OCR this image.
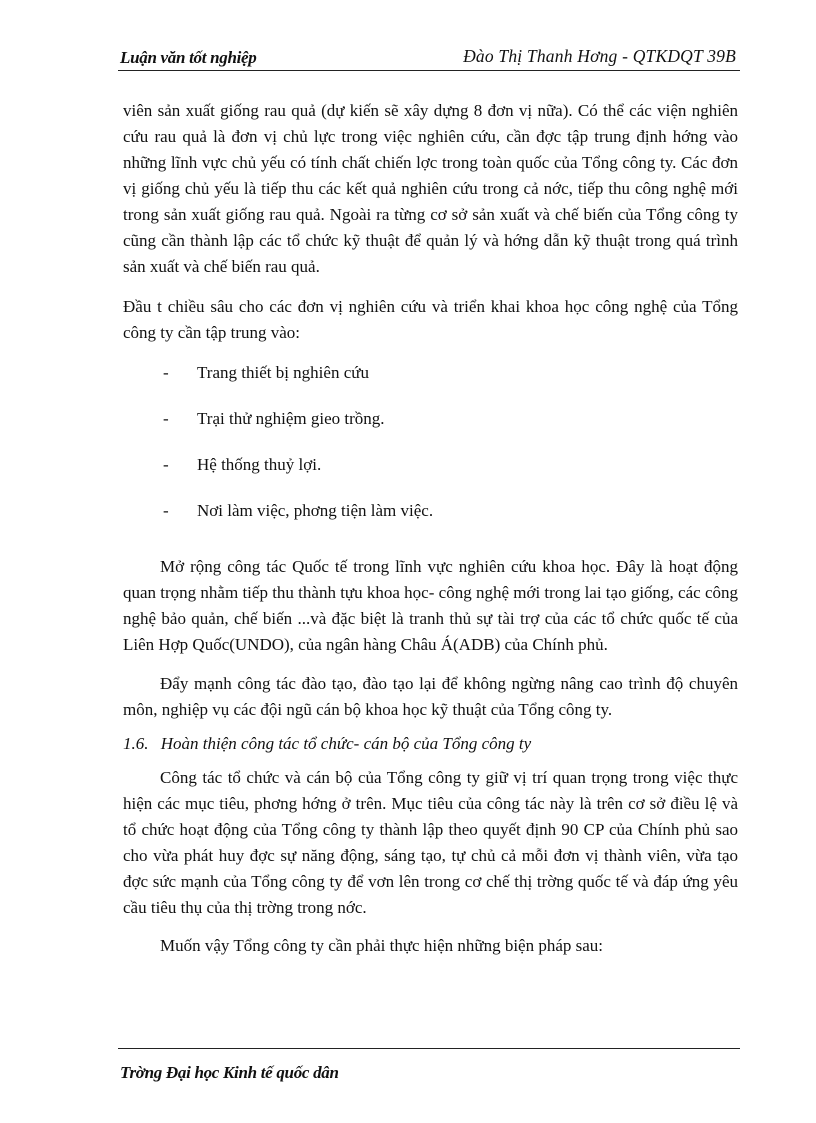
Luận văn tốt nghiệp	Đào Thị Thanh Hơng - QTKDQT 39B

viên sản xuất giống rau quả (dự kiến sẽ xây dựng 8 đơn vị nữa). Có thể các viện nghiên cứu rau quả là đơn vị chủ lực trong việc nghiên cứu, cần đợc tập trung định hớng vào những lĩnh vực chủ yếu có tính chất chiến lợc trong toàn quốc của Tổng công ty. Các đơn vị giống chủ yếu là tiếp thu các kết quả nghiên cứu trong cả nớc, tiếp thu công nghệ mới trong sản xuất giống rau quả. Ngoài ra từng cơ sở sản xuất và chế biến của Tổng công ty cũng cần thành lập các tổ chức kỹ thuật để quản lý và hớng dẫn kỹ thuật trong quá trình sản xuất và chế biến rau quả.

Đầu t chiều sâu cho các đơn vị nghiên cứu và triển khai khoa học công nghệ của Tổng công ty cần tập trung vào:

- Trang thiết bị nghiên cứu
- Trại thử nghiệm gieo trồng.
- Hệ thống thuỷ lợi.
- Nơi làm việc, phơng tiện làm việc.

Mở rộng công tác Quốc tế trong lĩnh vực nghiên cứu khoa học. Đây là hoạt động quan trọng nhằm tiếp thu thành tựu khoa học- công nghệ mới trong lai tạo giống, các công nghệ bảo quản, chế biến ...và đặc biệt là tranh thủ sự tài trợ của các tổ chức quốc tế của Liên Hợp Quốc(UNDO), của ngân hàng Châu Á(ADB) của Chính phủ.

Đẩy mạnh công tác đào tạo, đào tạo lại để không ngừng nâng cao trình độ chuyên môn, nghiệp vụ các đội ngũ cán bộ khoa học kỹ thuật của Tổng công ty.

1.6. Hoàn thiện công tác tổ chức- cán bộ của Tổng công ty

Công tác tổ chức và cán bộ của Tổng công ty giữ vị trí quan trọng trong việc thực hiện các mục tiêu, phơng hớng ở trên. Mục tiêu của công tác này là trên cơ sở điều lệ và tổ chức hoạt động của Tổng công ty thành lập theo quyết định 90 CP của Chính phủ sao cho vừa phát huy đợc sự năng động, sáng tạo, tự chủ cả mỗi đơn vị thành viên, vừa tạo đợc sức mạnh của Tổng công ty để vơn lên trong cơ chế thị trờng quốc tế và đáp ứng yêu cầu tiêu thụ của thị trờng trong nớc.

Muốn vậy Tổng công ty cần phải thực hiện những biện pháp sau:

Trờng Đại học Kinh tế quốc dân
